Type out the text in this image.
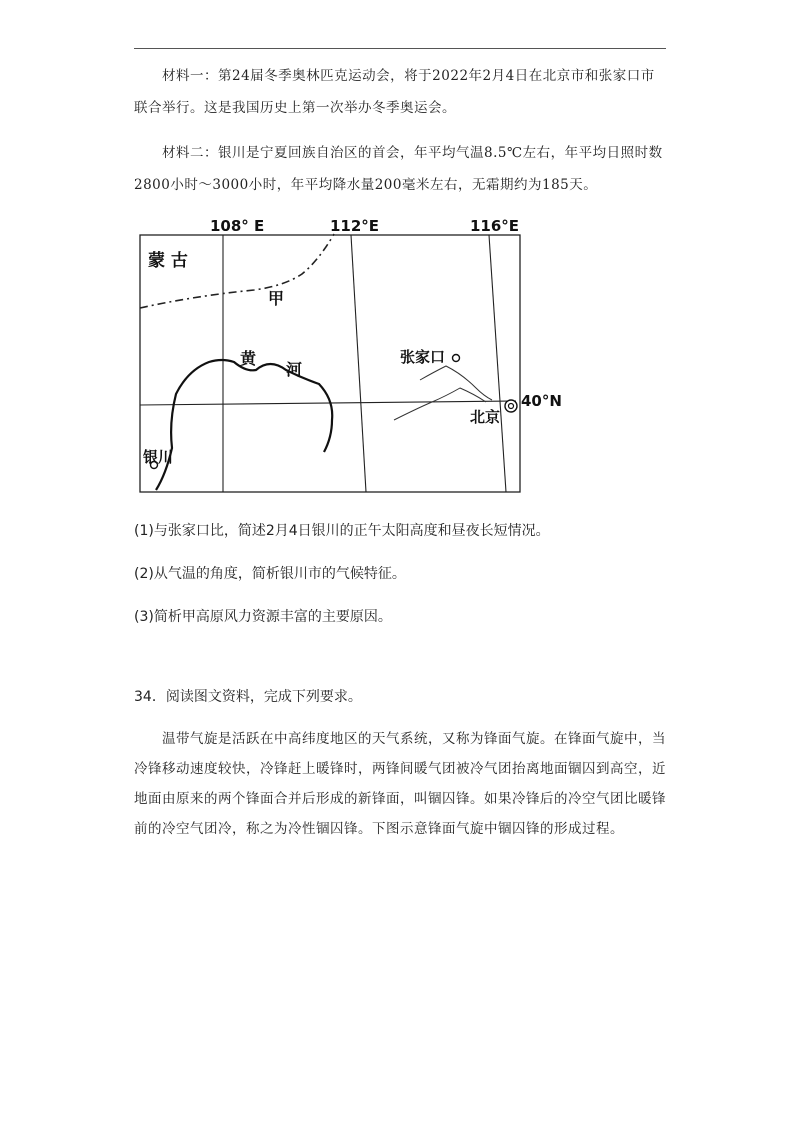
材料一：第24届冬季奥林匹克运动会，将于2022年2月4日在北京市和张家口市联合举行。这是我国历史上第一次举办冬季奥运会。

材料二：银川是宁夏回族自治区的首会，年平均气温8.5℃左右，年平均日照时数2800小时～3000小时，年平均降水量200毫米左右，无霜期约为185天。

108° E	112°E	116°E
40°N
蒙 古
甲
黄
河
张家口
北京
银川

(1)与张家口比，简述2月4日银川的正午太阳高度和昼夜长短情况。

(2)从气温的角度，简析银川市的气候特征。

(3)简析甲高原风力资源丰富的主要原因。

34．阅读图文资料，完成下列要求。

温带气旋是活跃在中高纬度地区的天气系统，又称为锋面气旋。在锋面气旋中，当冷锋移动速度较快，冷锋赶上暖锋时，两锋间暖气团被冷气团抬离地面锢囚到高空，近地面由原来的两个锋面合并后形成的新锋面，叫锢囚锋。如果冷锋后的冷空气团比暖锋前的冷空气团冷，称之为冷性锢囚锋。下图示意锋面气旋中锢囚锋的形成过程。
